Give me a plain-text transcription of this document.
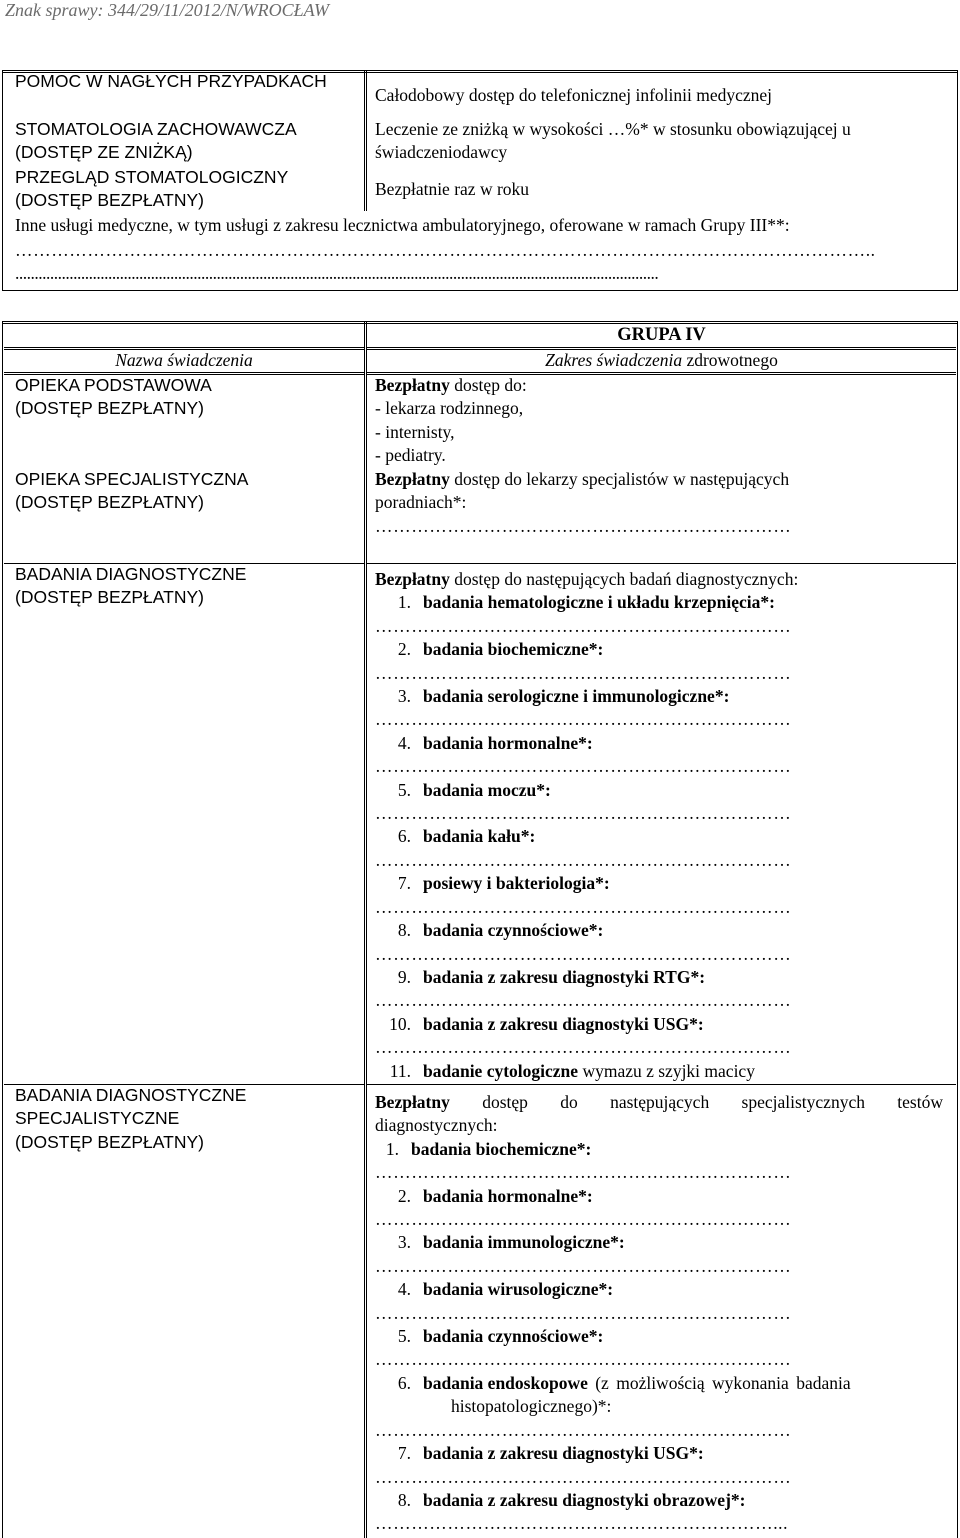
Znak sprawy: 344/29/11/2012/N/WROCŁAW
POMOC W NAGŁYCH PRZYPADKACH
Całodobowy dostęp do telefonicznej infolinii medycznej
STOMATOLOGIA ZACHOWAWCZA (DOSTĘP ZE ZNIŻKĄ)
Leczenie ze zniżką w wysokości …%* w stosunku obowiązującej u świadczeniodawcy
PRZEGLĄD STOMATOLOGICZNY (DOSTĘP BEZPŁATNY)
Bezpłatnie raz w roku
Inne usługi medyczne, w tym usługi z zakresu lecznictwa ambulatoryjnego, oferowane w ramach Grupy III**:
……………………………………………………………………………………………………………………………..
......................................................................................................................................................................
GRUPA IV
Nazwa świadczenia	Zakres świadczenia zdrowotnego
OPIEKA PODSTAWOWA
(DOSTĘP BEZPŁATNY)
Bezpłatny dostęp do:
- lekarza rodzinnego,
- internisty,
- pediatry.
OPIEKA SPECJALISTYCZNA
(DOSTĘP BEZPŁATNY)
Bezpłatny dostęp do lekarzy specjalistów w następujących
poradniach*:
……………………………………………………………
BADANIA DIAGNOSTYCZNE
(DOSTĘP BEZPŁATNY)
Bezpłatny dostęp do następujących badań diagnostycznych:
1. badania hematologiczne i układu krzepnięcia*:
……………………………………………………………
2. badania biochemiczne*:
……………………………………………………………
3. badania serologiczne i immunologiczne*:
……………………………………………………………
4. badania hormonalne*:
……………………………………………………………
5. badania moczu*:
……………………………………………………………
6. badania kału*:
……………………………………………………………
7. posiewy i bakteriologia*:
……………………………………………………………
8. badania czynnościowe*:
……………………………………………………………
9. badania z zakresu diagnostyki RTG*:
……………………………………………………………
10. badania z zakresu diagnostyki USG*:
……………………………………………………………
11. badanie cytologiczne wymazu z szyjki macicy
BADANIA DIAGNOSTYCZNE
SPECJALISTYCZNE
(DOSTĘP BEZPŁATNY)
Bezpłatny dostęp do następujących specjalistycznych testów diagnostycznych:
1. badania biochemiczne*:
……………………………………………………………
2. badania hormonalne*:
……………………………………………………………
3. badania immunologiczne*:
……………………………………………………………
4. badania wirusologiczne*:
……………………………………………………………
5. badania czynnościowe*:
……………………………………………………………
6. badania endoskopowe (z możliwością wykonania badania
histopatologicznego)*:
……………………………………………………………
7. badania z zakresu diagnostyki USG*:
……………………………………………………………
8. badania z zakresu diagnostyki obrazowej*:
…………………………………………………………...
